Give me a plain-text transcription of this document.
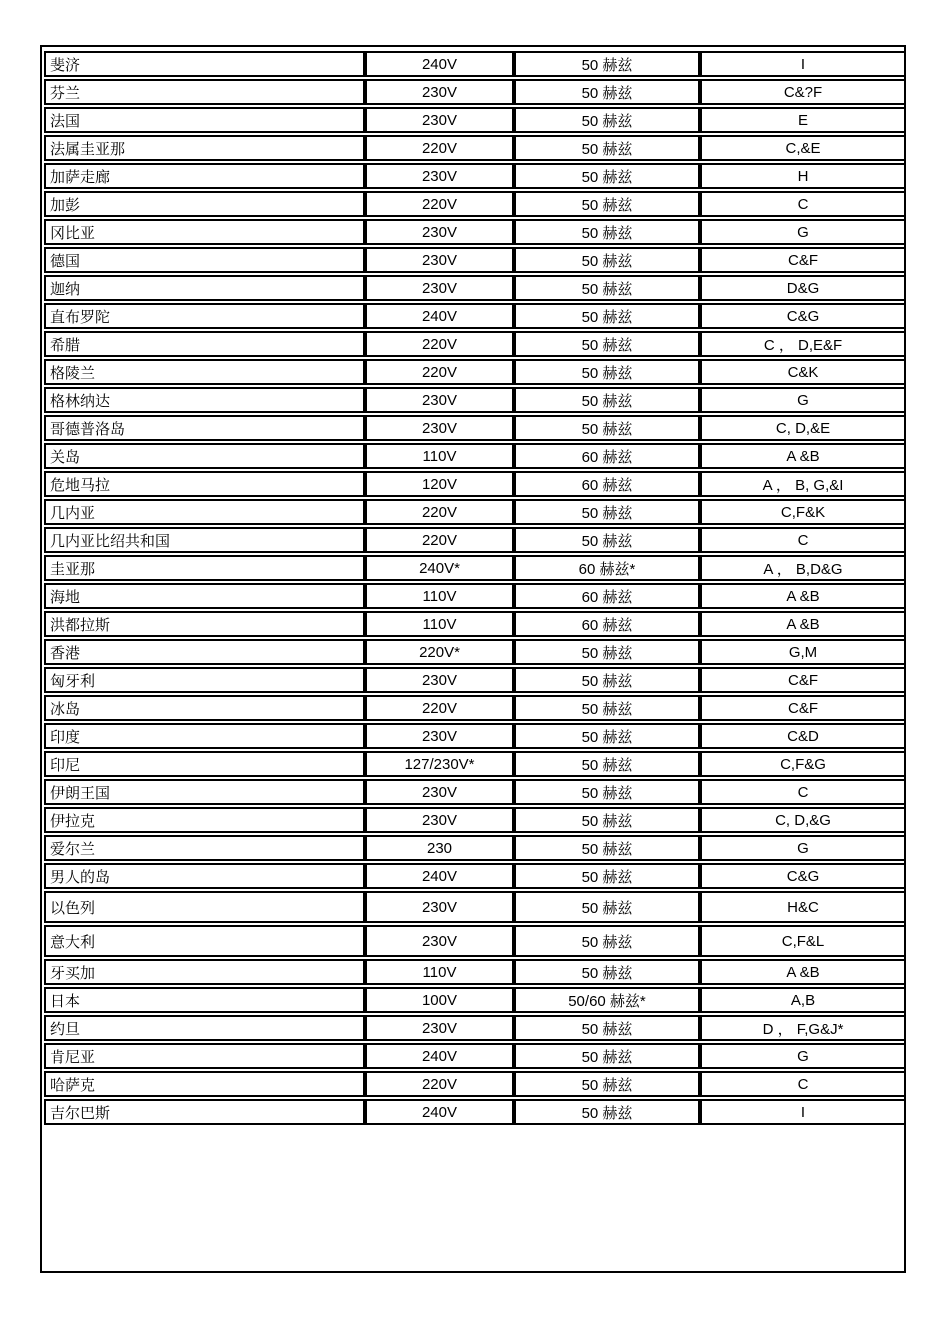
斐济	240V	50 赫兹	I
芬兰	230V	50 赫兹	C&?F
法国	230V	50 赫兹	E
法属圭亚那	220V	50 赫兹	C,&E
加萨走廊	230V	50 赫兹	H
加彭	220V	50 赫兹	C
冈比亚	230V	50 赫兹	G
德国	230V	50 赫兹	C&F
迦纳	230V	50 赫兹	D&G
直布罗陀	240V	50 赫兹	C&G
希腊	220V	50 赫兹	C ， D,E&F
格陵兰	220V	50 赫兹	C&K
格林纳达	230V	50 赫兹	G
哥德普洛岛	230V	50 赫兹	C, D,&E
关岛	110V	60 赫兹	A &B
危地马拉	120V	60 赫兹	A ， B, G,&I
几内亚	220V	50 赫兹	C,F&K
几内亚比绍共和国	220V	50 赫兹	C
圭亚那	240V*	60 赫兹*	A ， B,D&G
海地	110V	60 赫兹	A &B
洪都拉斯	110V	60 赫兹	A &B
香港	220V*	50 赫兹	G,M
匈牙利	230V	50 赫兹	C&F
冰岛	220V	50 赫兹	C&F
印度	230V	50 赫兹	C&D
印尼	127/230V*	50 赫兹	C,F&G
伊朗王国	230V	50 赫兹	C
伊拉克	230V	50 赫兹	C, D,&G
爱尔兰	230	50 赫兹	G
男人的岛	240V	50 赫兹	C&G
以色列	230V	50 赫兹	H&C
意大利	230V	50 赫兹	C,F&L
牙买加	110V	50 赫兹	A &B
日本	100V	50/60 赫兹*	A,B
约旦	230V	50 赫兹	D ， F,G&J*
肯尼亚	240V	50 赫兹	G
哈萨克	220V	50 赫兹	C
吉尔巴斯	240V	50 赫兹	I
